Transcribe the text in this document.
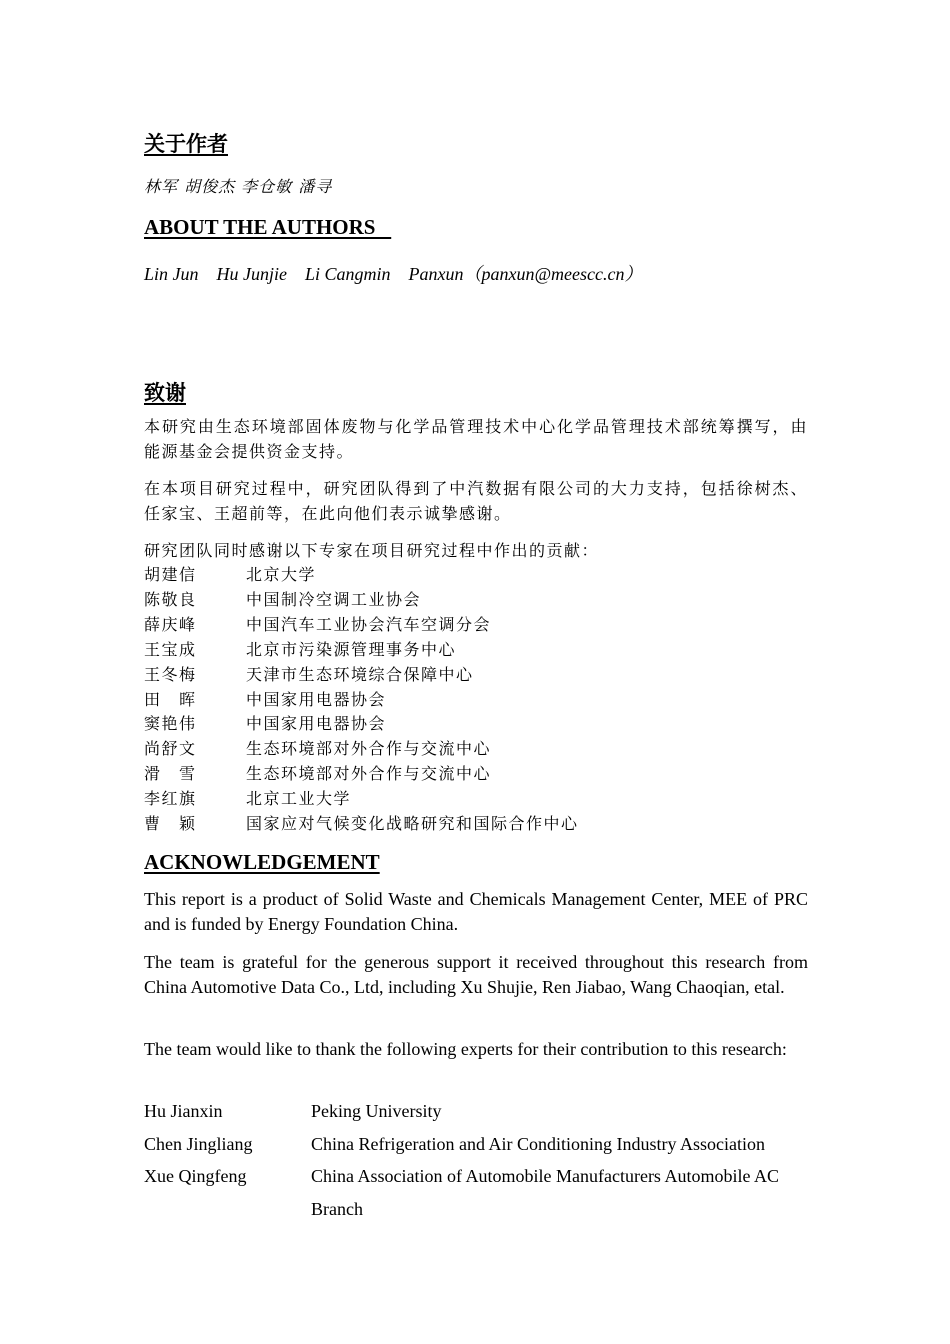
关于作者

林军 胡俊杰 李仓敏 潘寻

ABOUT THE AUTHORS

Lin Jun    Hu Junjie    Li Cangmin    Panxun（panxun@meescc.cn）

致谢

本研究由生态环境部固体废物与化学品管理技术中心化学品管理技术部统筹撰写，由能源基金会提供资金支持。

在本项目研究过程中，研究团队得到了中汽数据有限公司的大力支持，包括徐树杰、任家宝、王超前等，在此向他们表示诚挚感谢。

研究团队同时感谢以下专家在项目研究过程中作出的贡献：

胡建信	北京大学
陈敬良	中国制冷空调工业协会
薛庆峰	中国汽车工业协会汽车空调分会
王宝成	北京市污染源管理事务中心
王冬梅	天津市生态环境综合保障中心
田　晖	中国家用电器协会
窦艳伟	中国家用电器协会
尚舒文	生态环境部对外合作与交流中心
滑　雪	生态环境部对外合作与交流中心
李红旗	北京工业大学
曹　颖	国家应对气候变化战略研究和国际合作中心
ACKNOWLEDGEMENT

This report is a product of Solid Waste and Chemicals Management Center, MEE of PRC and is funded by Energy Foundation China.

The team is grateful for the generous support it received throughout this research from China Automotive Data Co., Ltd, including Xu Shujie, Ren Jiabao, Wang Chaoqian, etal.

The team would like to thank the following experts for their contribution to this research:

Hu Jianxin	Peking University
Chen Jingliang	China Refrigeration and Air Conditioning Industry Association
Xue Qingfeng	China Association of Automobile Manufacturers Automobile AC Branch
